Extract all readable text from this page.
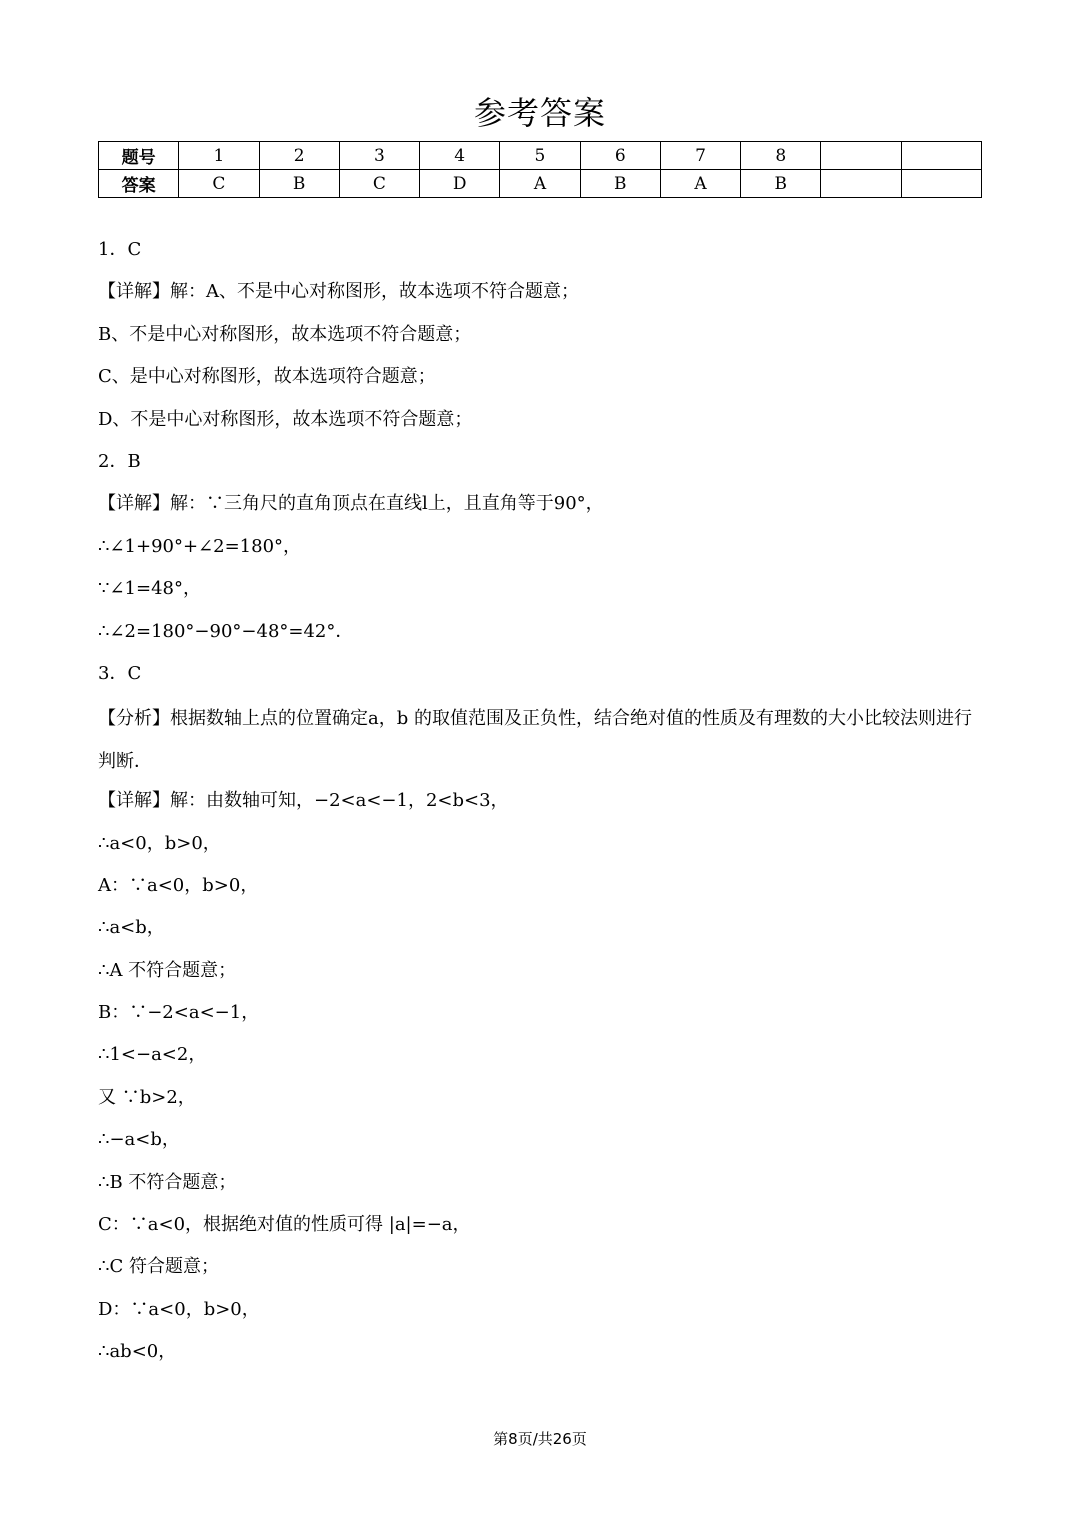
参考答案
题号	1	2	3	4	5	6	7	8		
答案	C	B	C	D	A	B	A	B		
1．C
【详解】解：A、不是中心对称图形，故本选项不符合题意；
B、不是中心对称图形，故本选项不符合题意；
C、是中心对称图形，故本选项符合题意；
D、不是中心对称图形，故本选项不符合题意；
2．B
【详解】解：∵三角尺的直角顶点在直线l上，且直角等于90°，
∴∠1+90°+∠2=180°，
∵∠1=48°，
∴∠2=180°−90°−48°=42°．
3．C
【分析】根据数轴上点的位置确定a，b 的取值范围及正负性，结合绝对值的性质及有理数的大小比较法则进行判断．
【详解】解：由数轴可知，−2<a<−1，2<b<3，
∴a<0，b>0，
A：∵a<0，b>0，
∴a<b，
∴A 不符合题意；
B：∵−2<a<−1，
∴1<−a<2，
又 ∵b>2，
∴−a<b，
∴B 不符合题意；
C：∵a<0，根据绝对值的性质可得 |a|=−a，
∴C 符合题意；
D：∵a<0，b>0，
∴ab<0，
第8页/共26页
